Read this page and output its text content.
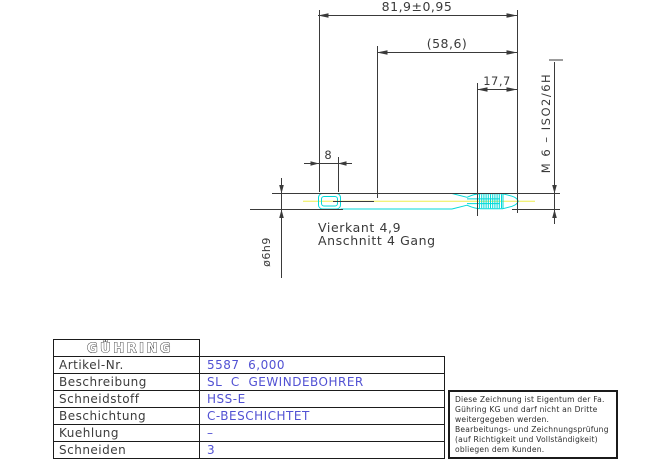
81,9±0,95
(58,6)
17,7
8	M 6 – ISO2/6H
ø6h9
Vierkant 4,9
Anschnitt 4 Gang
GÜHRING
Artikel-Nr.	5587  6,000
Beschreibung	SL  C  GEWINDEBOHRER
Schneidstoff	HSS-E
Beschichtung	C-BESCHICHTET
Kuehlung	–
Schneiden	3
Diese Zeichnung ist Eigentum der Fa.
Gühring KG und darf nicht an Dritte
weitergegeben werden.
Bearbeitungs- und Zeichnungsprüfung
(auf Richtigkeit und Vollständigkeit)
obliegen dem Kunden.
